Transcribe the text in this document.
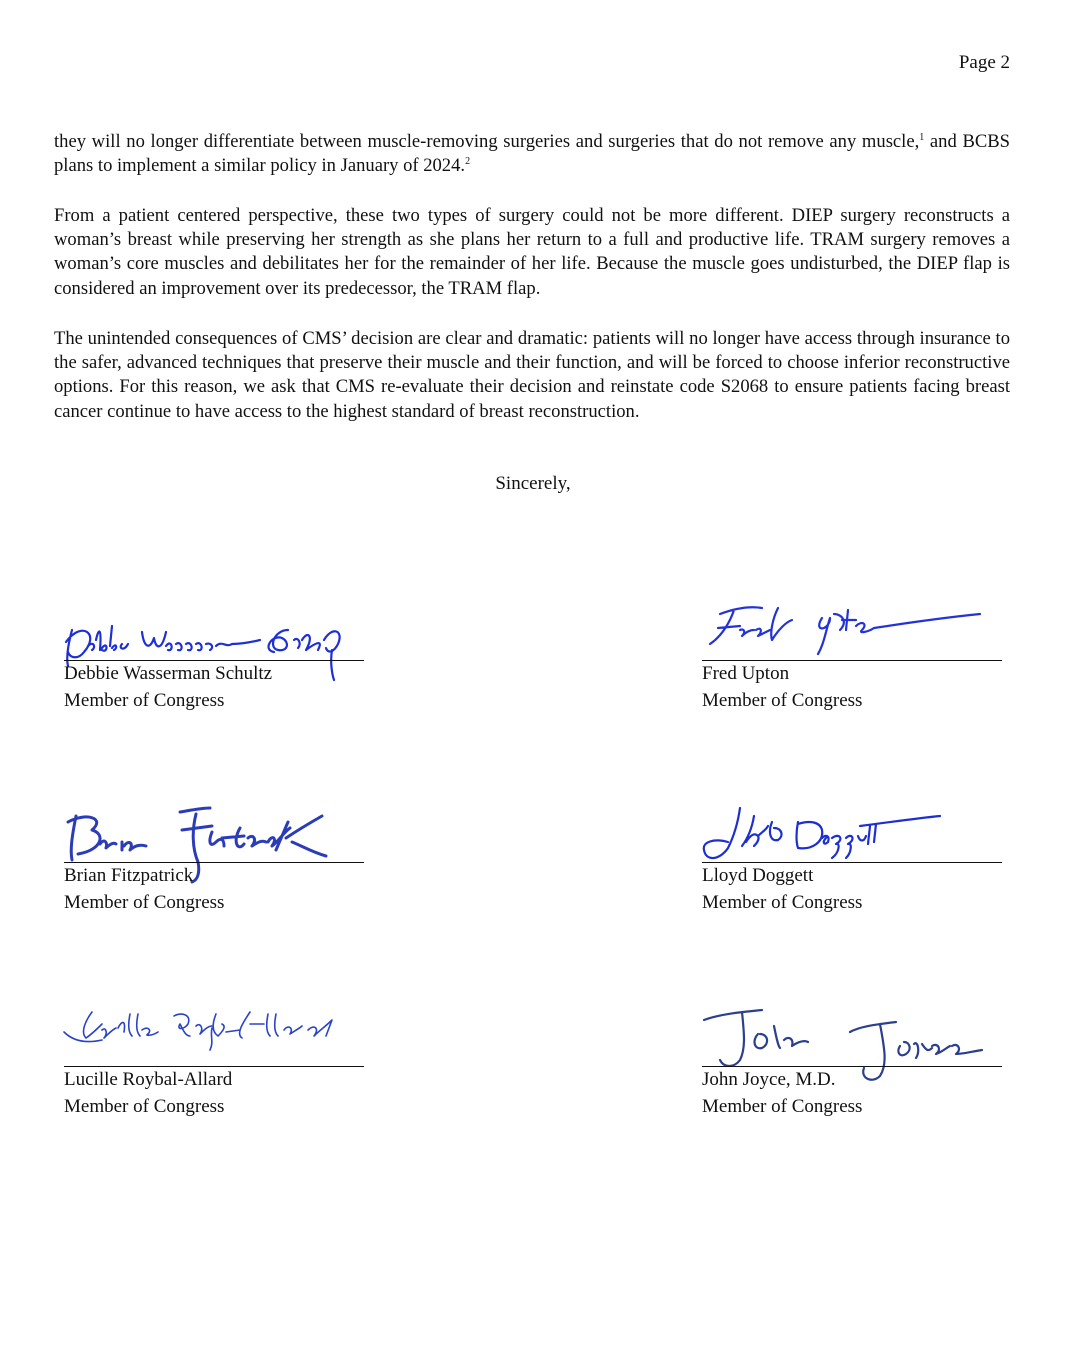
Page 2

they will no longer differentiate between muscle-removing surgeries and surgeries that do not remove any muscle,$^1$ and BCBS plans to implement a similar policy in January of 2024.$^2$

From a patient centered perspective, these two types of surgery could not be more different. DIEP surgery reconstructs a woman’s breast while preserving her strength as she plans her return to a full and productive life. TRAM surgery removes a woman’s core muscles and debilitates her for the remainder of her life. Because the muscle goes undisturbed, the DIEP flap is considered an improvement over its predecessor, the TRAM flap.

The unintended consequences of CMS’ decision are clear and dramatic: patients will no longer have access through insurance to the safer, advanced techniques that preserve their muscle and their function, and will be forced to choose inferior reconstructive options. For this reason, we ask that CMS re-evaluate their decision and reinstate code S2068 to ensure patients facing breast cancer continue to have access to the highest standard of breast reconstruction.

Sincerely,
Debbie Wasserman Schultz
Member of Congress
Fred Upton
Member of Congress
Brian Fitzpatrick
Member of Congress
Lloyd Doggett
Member of Congress
Lucille Roybal-Allard
Member of Congress
John Joyce, M.D.
Member of Congress
